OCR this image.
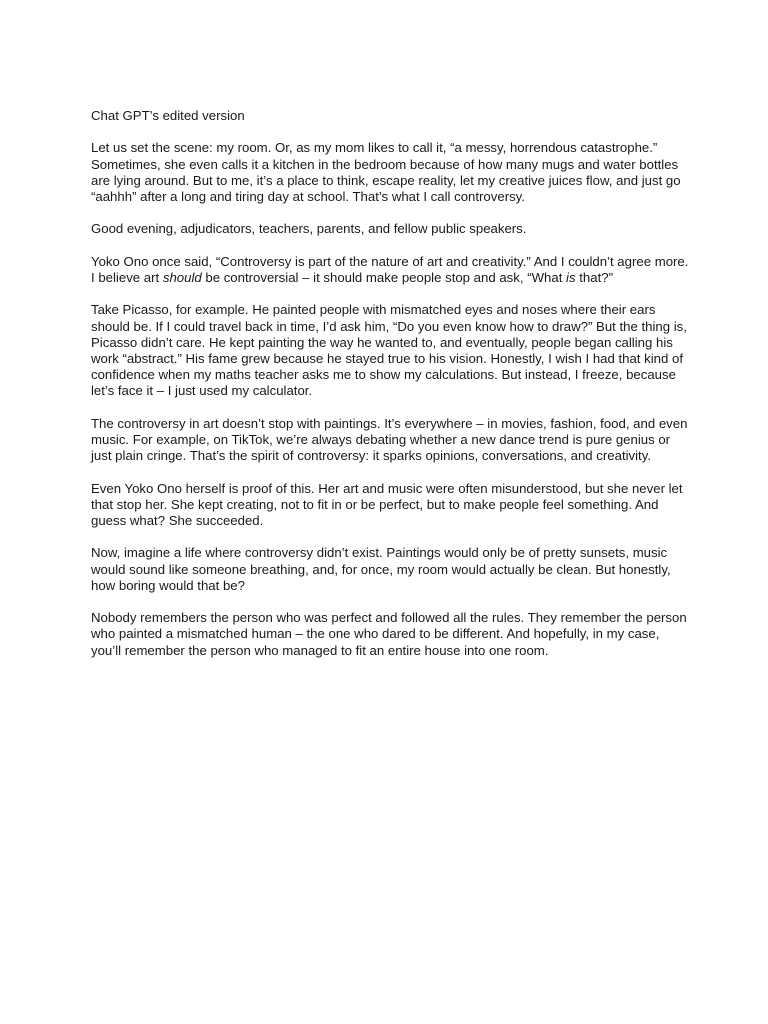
Chat GPT’s edited version

Let us set the scene: my room. Or, as my mom likes to call it, “a messy, horrendous catastrophe.” Sometimes, she even calls it a kitchen in the bedroom because of how many mugs and water bottles are lying around. But to me, it’s a place to think, escape reality, let my creative juices flow, and just go “aahhh” after a long and tiring day at school. That’s what I call controversy.

Good evening, adjudicators, teachers, parents, and fellow public speakers.

Yoko Ono once said, “Controversy is part of the nature of art and creativity.” And I couldn’t agree more. I believe art should be controversial – it should make people stop and ask, “What is that?”

Take Picasso, for example. He painted people with mismatched eyes and noses where their ears should be. If I could travel back in time, I’d ask him, “Do you even know how to draw?” But the thing is, Picasso didn’t care. He kept painting the way he wanted to, and eventually, people began calling his work “abstract.” His fame grew because he stayed true to his vision. Honestly, I wish I had that kind of confidence when my maths teacher asks me to show my calculations. But instead, I freeze, because let’s face it – I just used my calculator.

The controversy in art doesn’t stop with paintings. It’s everywhere – in movies, fashion, food, and even music. For example, on TikTok, we’re always debating whether a new dance trend is pure genius or just plain cringe. That’s the spirit of controversy: it sparks opinions, conversations, and creativity.

Even Yoko Ono herself is proof of this. Her art and music were often misunderstood, but she never let that stop her. She kept creating, not to fit in or be perfect, but to make people feel something. And guess what? She succeeded.

Now, imagine a life where controversy didn’t exist. Paintings would only be of pretty sunsets, music would sound like someone breathing, and, for once, my room would actually be clean. But honestly, how boring would that be?

Nobody remembers the person who was perfect and followed all the rules. They remember the person who painted a mismatched human – the one who dared to be different. And hopefully, in my case, you’ll remember the person who managed to fit an entire house into one room.
